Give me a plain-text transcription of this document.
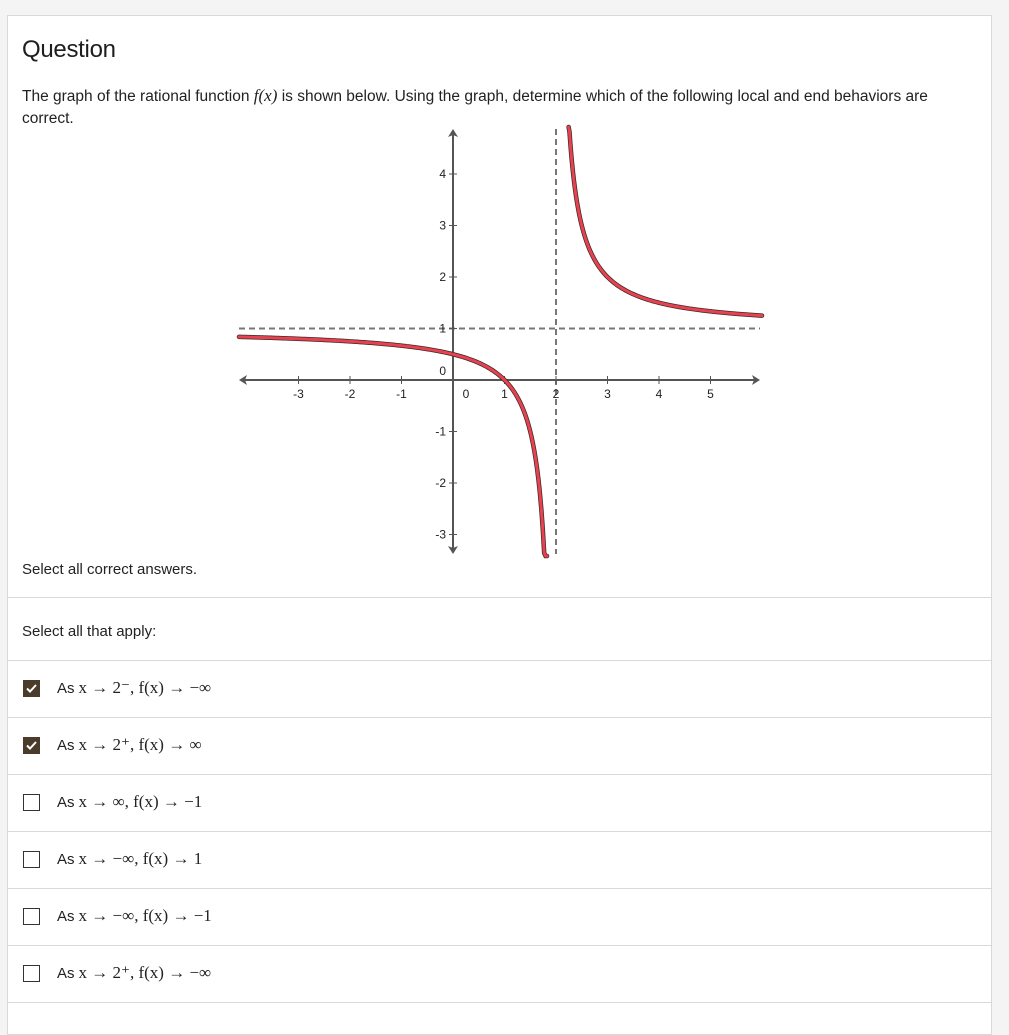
Question
The graph of the rational function f(x) is shown below. Using the graph, determine which of the following local and end behaviors are correct.
-3	-2	-1	0	1	2	3	4	5
-3
-2
-1
0
1
2
3
4
Select all correct answers.
Select all that apply:
As x → 2⁻, f(x) → −∞
As x → 2⁺, f(x) → ∞
As x → ∞, f(x) → −1
As x → −∞, f(x) → 1
As x → −∞, f(x) → −1
As x → 2⁺, f(x) → −∞
